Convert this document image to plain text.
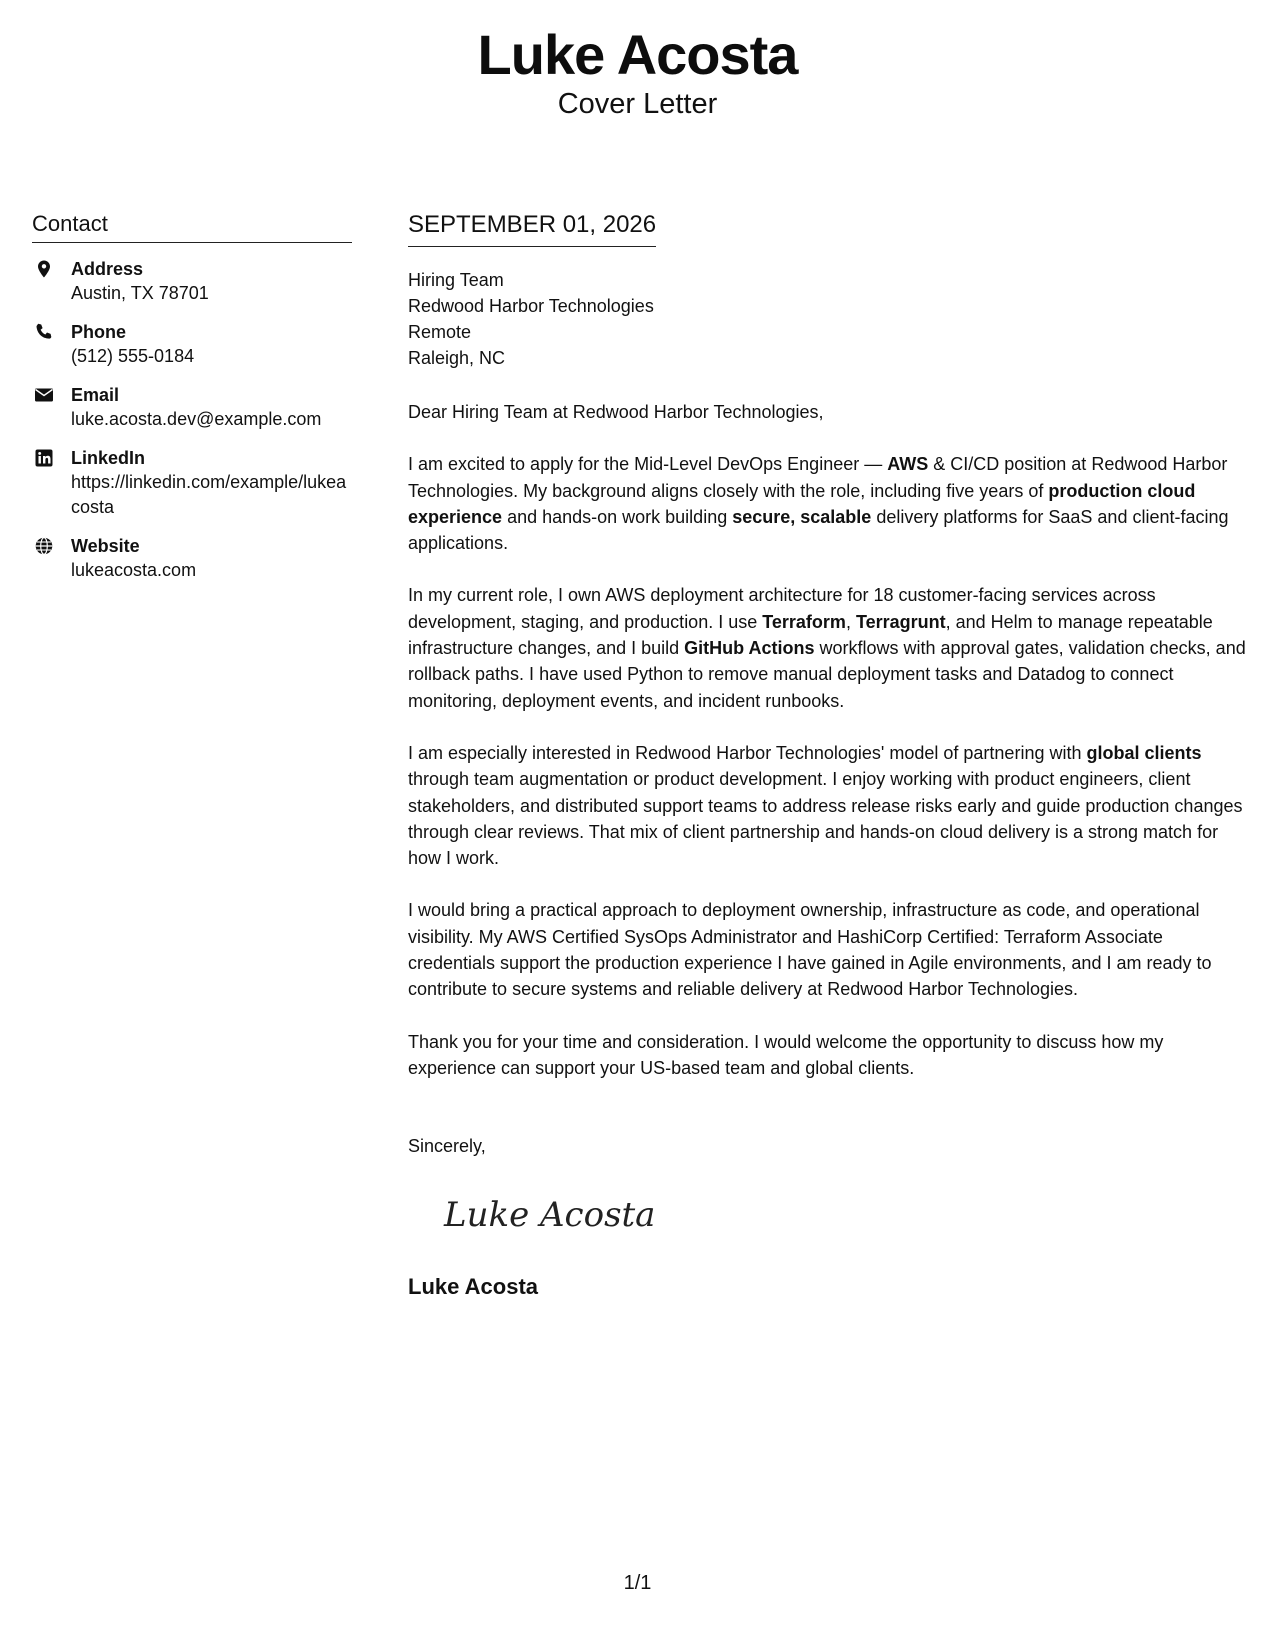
Luke Acosta
Cover Letter
Contact
Address
Austin, TX 78701
Phone
(512) 555-0184
Email
luke.acosta.dev@example.com
LinkedIn
https://linkedin.com/example/lukeacosta
Website
lukeacosta.com
SEPTEMBER 01, 2026
Hiring Team
Redwood Harbor Technologies
Remote
Raleigh, NC
Dear Hiring Team at Redwood Harbor Technologies,
I am excited to apply for the Mid-Level DevOps Engineer — AWS & CI/CD position at Redwood Harbor Technologies. My background aligns closely with the role, including five years of production cloud experience and hands-on work building secure, scalable delivery platforms for SaaS and client-facing applications.
In my current role, I own AWS deployment architecture for 18 customer-facing services across development, staging, and production. I use Terraform, Terragrunt, and Helm to manage repeatable infrastructure changes, and I build GitHub Actions workflows with approval gates, validation checks, and rollback paths. I have used Python to remove manual deployment tasks and Datadog to connect monitoring, deployment events, and incident runbooks.
I am especially interested in Redwood Harbor Technologies' model of partnering with global clients through team augmentation or product development. I enjoy working with product engineers, client stakeholders, and distributed support teams to address release risks early and guide production changes through clear reviews. That mix of client partnership and hands-on cloud delivery is a strong match for how I work.
I would bring a practical approach to deployment ownership, infrastructure as code, and operational visibility. My AWS Certified SysOps Administrator and HashiCorp Certified: Terraform Associate credentials support the production experience I have gained in Agile environments, and I am ready to contribute to secure systems and reliable delivery at Redwood Harbor Technologies.
Thank you for your time and consideration. I would welcome the opportunity to discuss how my experience can support your US-based team and global clients.
Sincerely,
Luke Acosta
Luke Acosta
1/1
